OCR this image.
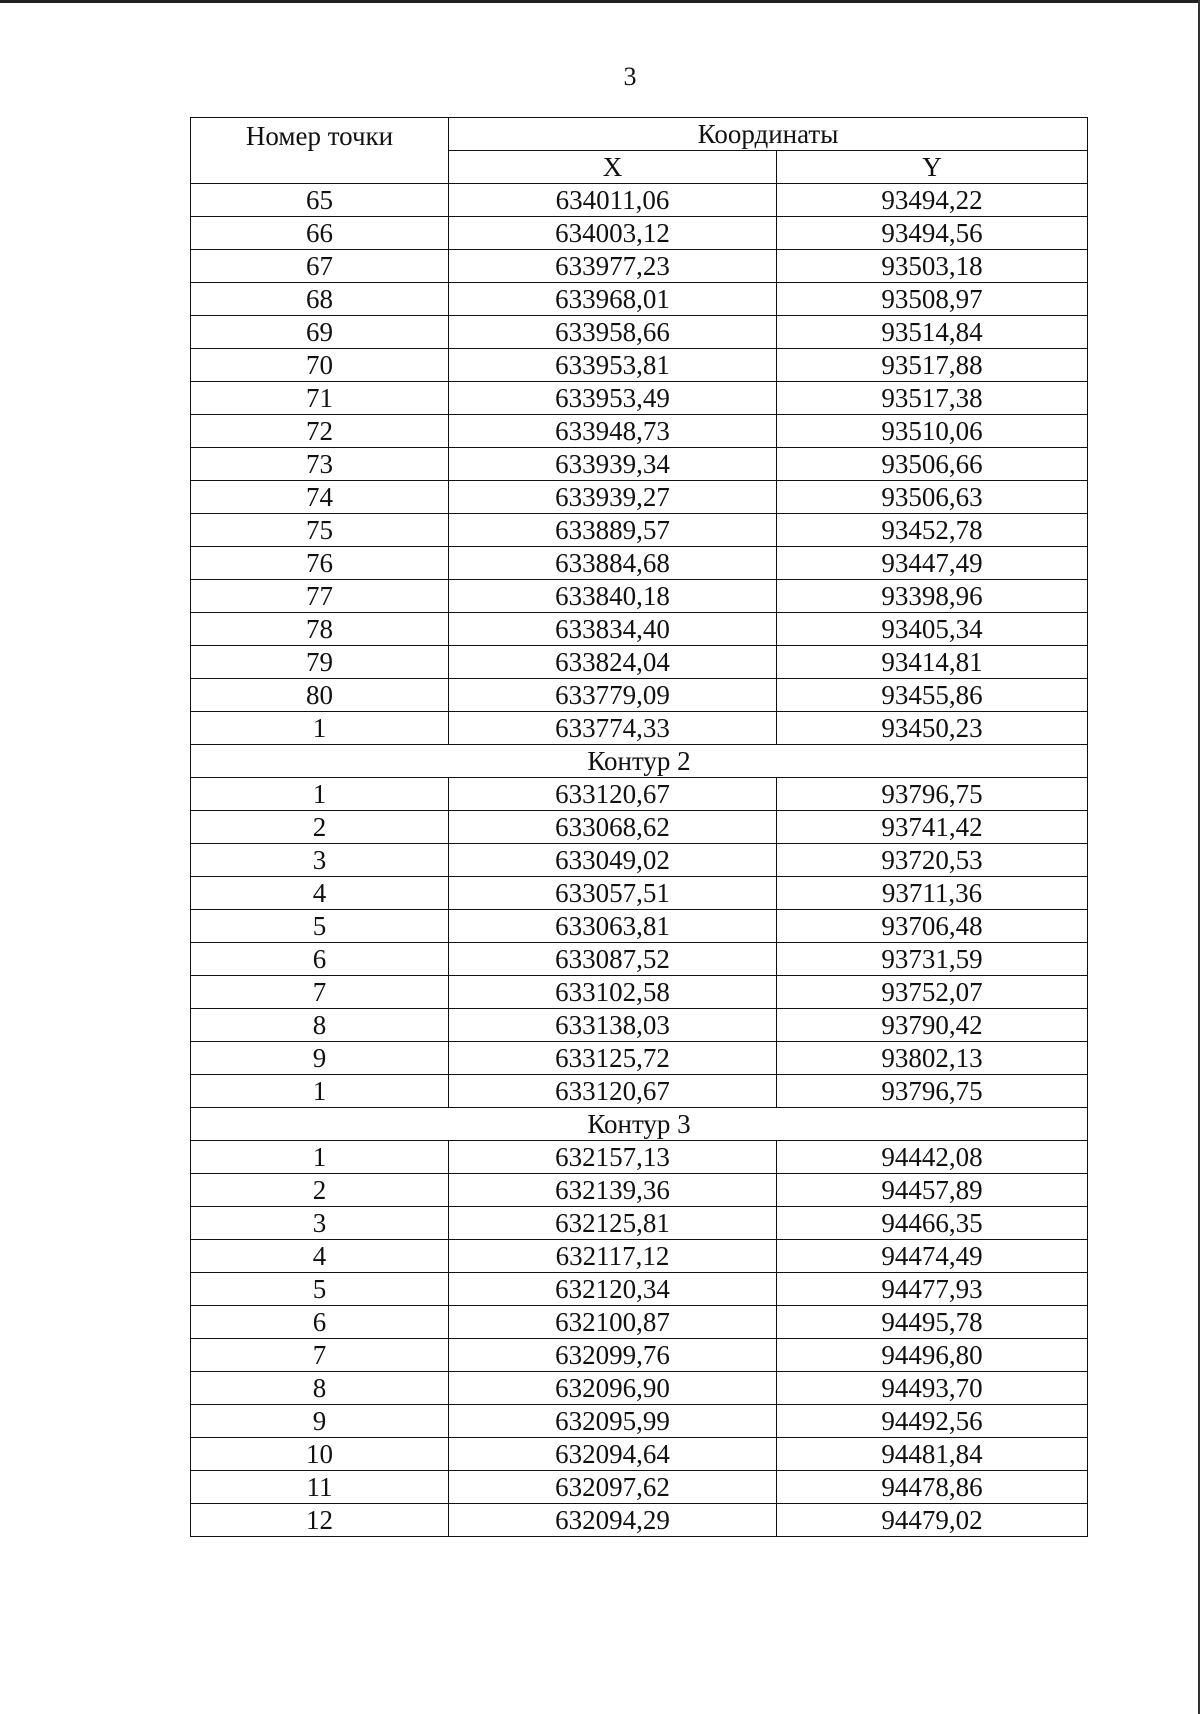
3
Номер точки	Координаты	
	X	Y
65	634011,06	93494,22
66	634003,12	93494,56
67	633977,23	93503,18
68	633968,01	93508,97
69	633958,66	93514,84
70	633953,81	93517,88
71	633953,49	93517,38
72	633948,73	93510,06
73	633939,34	93506,66
74	633939,27	93506,63
75	633889,57	93452,78
76	633884,68	93447,49
77	633840,18	93398,96
78	633834,40	93405,34
79	633824,04	93414,81
80	633779,09	93455,86
1	633774,33	93450,23
Контур 2		
1	633120,67	93796,75
2	633068,62	93741,42
3	633049,02	93720,53
4	633057,51	93711,36
5	633063,81	93706,48
6	633087,52	93731,59
7	633102,58	93752,07
8	633138,03	93790,42
9	633125,72	93802,13
1	633120,67	93796,75
Контур 3		
1	632157,13	94442,08
2	632139,36	94457,89
3	632125,81	94466,35
4	632117,12	94474,49
5	632120,34	94477,93
6	632100,87	94495,78
7	632099,76	94496,80
8	632096,90	94493,70
9	632095,99	94492,56
10	632094,64	94481,84
11	632097,62	94478,86
12	632094,29	94479,02
